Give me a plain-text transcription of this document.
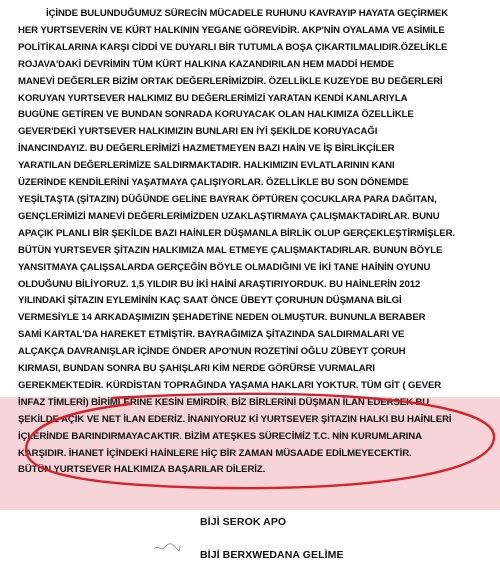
İÇİNDE BULUNDUĞUMUZ SÜRECİN MÜCADELE RUHUNU KAVRAYIP HAYATA GEÇİRMEK
HER YURTSEVERİN VE KÜRT HALKININ YEGANE GÖREVİDİR. AKP'NİN OYALAMA VE ASİMİLE
POLİTİKALARINA KARŞI CİDDİ VE DUYARLI BİR TUTUMLA BOŞA ÇIKARTILMALIDIR.ÖZELİKLE
ROJAVA'DAKİ DEVRİMİN TÜM KÜRT HALKINA KAZANDIRILAN HEM MADDİ HEMDE
MANEVİ DEĞERLER BİZİM ORTAK DEĞERLERİMİZDİR. ÖZELLİKLE KUZEYDE BU DEĞERLERİ
KORUYAN YURTSEVER HALKIMIZ BU DEĞERLERİMİZİ YARATAN KENDİ KANLARIYLA
BUGÜNE GETİREN VE BUNDAN SONRADA KORUYACAK OLAN HALKIMIZA ÖZELLİKLE
GEVER'DEKİ YURTSEVER HALKIMIZIN BUNLARI EN İYİ ŞEKİLDE KORUYACAĞI
İNANCINDAYIZ. BU DEĞERLERİMİZİ HAZMETMEYEN BAZI HAİN VE İŞ BİRLİKÇİLER
YARATILAN DEĞERLERİMİZE SALDIRMAKTADIR. HALKIMIZIN EVLATLARININ KANI
ÜZERİNDE KENDİLERİNİ YAŞATMAYA ÇALIŞIYORLAR. ÖZELLİKLE BU SON DÖNEMDE
YEŞİLTAŞTA (ŞİTAZIN) DÜĞÜNDE GELİNE BAYRAK ÖPTÜREN ÇOCUKLARA PARA DAĞITAN,
GENÇLERİMİZİ MANEVİ DEĞERLERİMİZDEN UZAKLAŞTIRMAYA ÇALIŞMAKTADIRLAR. BUNU
APAÇIK PLANLI BİR ŞEKİLDE BAZI HAİNLER DÜŞMANLA BİRLİK OLUP GERÇEKLEŞTİRMİŞLER.
BÜTÜN YURTSEVER ŞİTAZIN HALKIMIZA MAL ETMEYE ÇALIŞMAKTADIRLAR. BUNUN BÖYLE
YANSITMAYA ÇALIŞSALARDA GERÇEĞİN BÖYLE OLMADIĞINI VE İKİ TANE HAİNİN OYUNU
OLDUĞUNU BİLİYORUZ. 1,5 YILDIR BU İKİ HAİNİ ARAŞTIRIYORDUK. BU HAİNLERİN 2012
YILINDAKİ ŞİTAZIN EYLEMİNİN KAÇ SAAT ÖNCE ÜBEYT ÇORUHUN DÜŞMANA BİLGİ
VERMESİYLE 14 ARKADAŞIMIZIN ŞEHADETİNE NEDEN OLMUŞTUR. BUNUNLA BERABER
SAMİ KARTAL'DA HAREKET ETMİŞTİR. BAYRAĞIMIZA ŞİTAZINDA SALDIRMALARI VE
ALÇAKÇA DAVRANIŞLAR İÇİNDE ÖNDER APO'NUN ROZETİNİ OĞLU ZÜBEYT ÇORUH
KIRMASI, BUNDAN SONRA BU ŞAHIŞLARI KİM NERDE GÖRÜRSE VURMALARI
GEREKMEKTEDİR. KÜRDİSTAN TOPRAĞINDA YAŞAMA HAKLARI YOKTUR. TÜM GİT ( GEVER
İNFAZ TİMLERİ) BİRİMLERİNE KESİN EMİRDİR. BİZ BİRLERİNİ DÜŞMAN İLAN EDERSEK BU
ŞEKİLDE AÇIK VE NET İLAN EDERİZ. İNANIYORUZ Kİ YURTSEVER ŞİTAZIN HALKI BU HAİNLERİ
İÇLERİNDE BARINDIRMAYACAKTIR. BİZİM ATEŞKES SÜRECİMİZ T.C. NİN KURUMLARINA
KARŞIDIR. İHANET İÇİNDEKİ HAİNLERE HİÇ BİR ZAMAN MÜSAADE EDİLMEYECEKTİR.
BÜTÜN YURTSEVER HALKIMIZA BAŞARILAR DİLERİZ.
BİJİ SEROK APO
BİJİ BERXWEDANA GELİME
